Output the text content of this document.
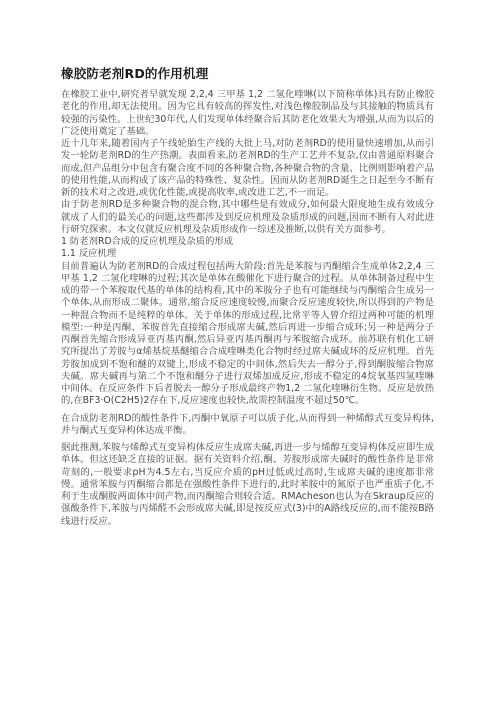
橡胶防老剂RD的作用机理

在橡胶工业中,研究者早就发现 2,2,4 三甲基 1,2 二氢化喹啉(以下简称单体)具有防止橡胶老化的作用,却无法使用。因为它具有较高的挥发性,对浅色橡胶制品及与其接触的物质具有较强的污染性。上世纪30年代,人们发现单体经聚合后其防老化效果大为增强,从而为以后的广泛使用奠定了基础。

近十几年来,随着国内子午线轮胎生产线的大批上马,对防老剂RD的使用量快速增加,从而引发一轮防老剂RD的生产热潮。表面看来,防老剂RD的生产工艺并不复杂,仅由普通原料聚合而成,但产品组分中包含有聚合度不同的各种聚合物,各种聚合物的含量、比例则影响着产品的使用性能,从而构成了该产品的特殊性、复杂性。因而从防老剂RD诞生之日起至今不断有新的技术对之改进,或优化性能,或提高收率,或改进工艺,不一而足。

由于防老剂RD是多种聚合物的混合物,其中哪些是有效成分,如何最大限度地生成有效成分就成了人们的最关心的问题,这些都涉及到反应机理及杂质形成的问题,因而不断有人对此进行研究探索。本文仅就反应机理及杂质形成作一综述及推断,以供有关方面参考。

1 防老剂RD合成的反应机理及杂质的形成
1.1 反应机理

目前普遍认为防老剂RD的合成过程包括两大阶段:首先是苯胺与丙酮缩合生成单体2,2,4 三甲基 1,2 二氢化喹啉的过程;其次是单体在酸催化下进行聚合的过程。从单体制备过程中生成的带一个苯胺取代基的单体的结构看,其中的苯胺分子也有可能继续与丙酮缩合生成另一个单体,从而形成二聚体。通常,缩合反应速度较慢,而聚合反应速度较快,所以得到的产物是一种混合物而不是纯粹的单体。关于单体的形成过程,比常平等人曾介绍过两种可能的机理模型:一种是丙酮、苯胺首先直接缩合形成席夫碱,然后再进一步缩合成环;另一种是两分子丙酮首先缩合形成异亚丙基丙酮,然后异亚丙基丙酮再与苯胺缩合成环。前苏联有机化工研究所提出了芳胺与α烯基烷基醚缩合合成喹啉类化合物时经过席夫碱成环的反应机理。首先芳胺加成到不饱和醚的双键上,形成不稳定的中间体,然后失去一醇分子,得到酮胺缩合物席夫碱。席夫碱再与第二个不饱和醚分子进行双烯加成反应,形成不稳定的4烷氧基四氢喹啉中间体。在反应条件下后者脱去一醇分子形成最终产物1,2 二氢化喹啉衍生物。反应是放热的,在BF3·O(C2H5)2存在下,反应速度也较快,故需控制温度不超过50℃。

在合成防老剂RD的酸性条件下,丙酮中氧原子可以质子化,从而得到一种烯醇式互变异构体,并与酮式互变异构体达成平衡。

据此推测,苯胺与烯醇式互变异构体反应生成席夫碱,再进一步与烯醇互变异构体反应即生成单体。但这还缺乏直接的证据。据有关资料介绍,酮、芳胺形成席夫碱时的酸性条件是非常苛刻的,一般要求pH为4.5左右,当反应介质的pH过低或过高时,生成席夫碱的速度都非常慢。通常苯胺与丙酮缩合都是在强酸性条件下进行的,此时苯胺中的氮原子也严重质子化,不利于生成酮胺两面体中间产物,而丙酮缩合则较合适。RMAcheson也认为在Skraup反应的强酸条件下,苯胺与丙烯醛不会形成席夫碱,即是按反应式(3)中的A路线反应的,而不能按B路线进行反应。
